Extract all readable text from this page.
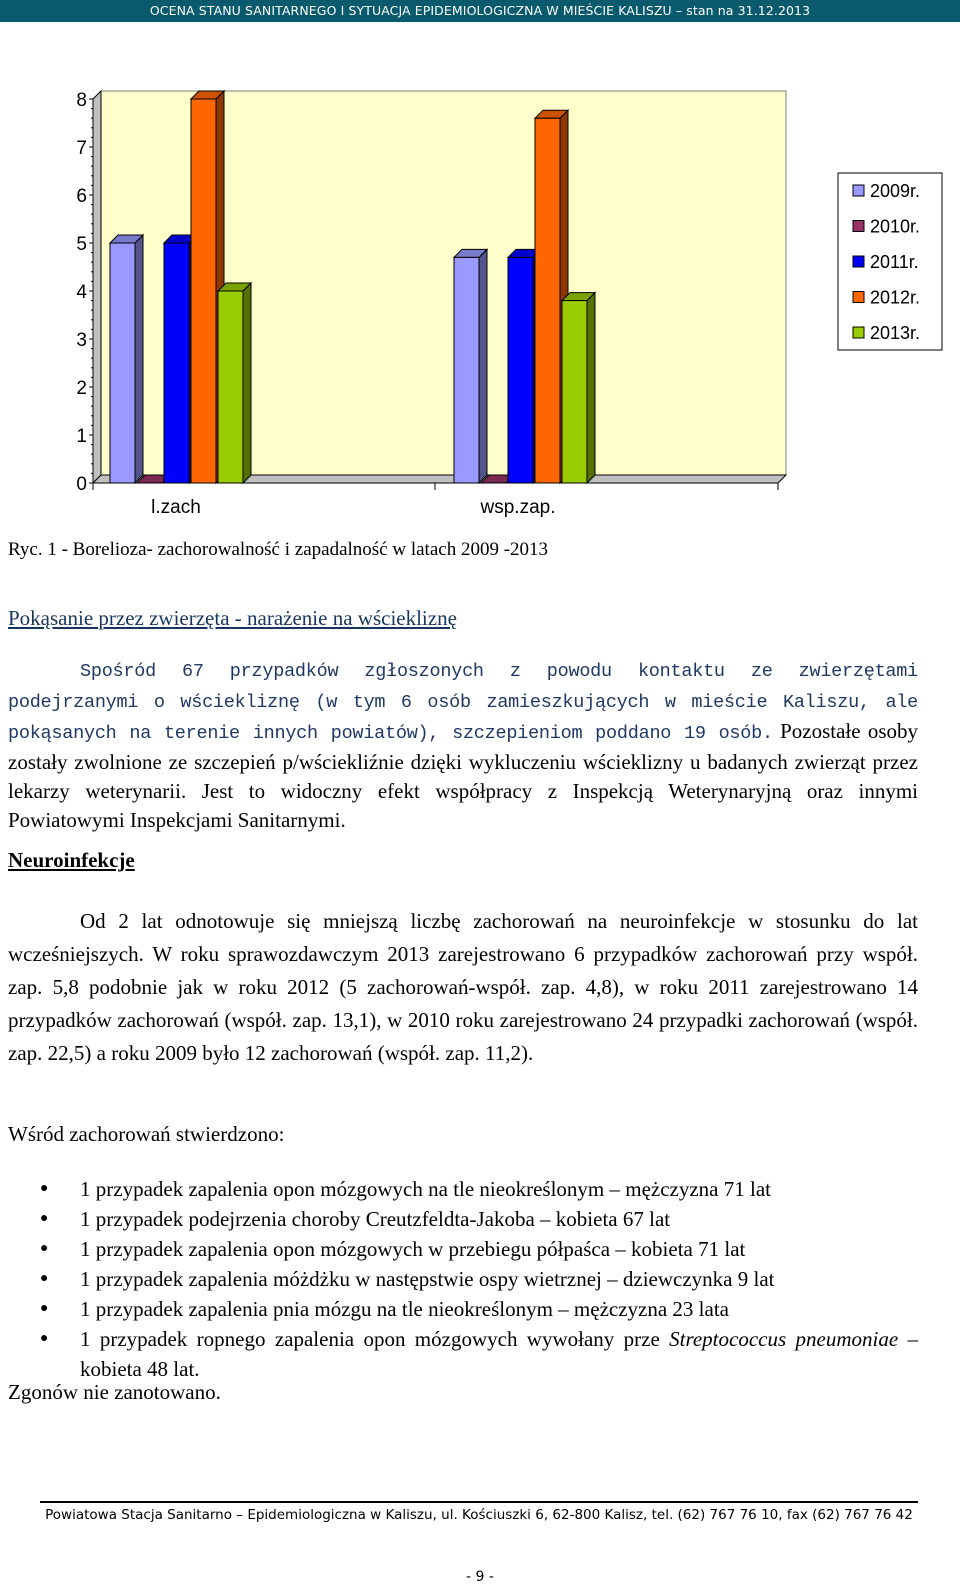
OCENA STANU SANITARNEGO I SYTUACJA EPIDEMIOLOGICZNA W MIEŚCIE KALISZU – stan na 31.12.2013
0
1
2
3
4
5
6
7
8
l.zach	wsp.zap.
2009r.
2010r.
2011r.
2012r.
2013r.
Ryc. 1 - Borelioza- zachorowalność i zapadalność w latach 2009 -2013
Pokąsanie przez zwierzęta - narażenie na wściekliznę

Spośród 67 przypadków zgłoszonych z powodu kontaktu ze zwierzętami podejrzanymi o wściekliznę (w tym 6 osób zamieszkujących w mieście Kaliszu, ale pokąsanych na terenie innych powiatów), szczepieniom poddano 19 osób. Pozostałe osoby zostały zwolnione ze szczepień p/wściekliźnie dzięki wykluczeniu wścieklizny u badanych zwierząt przez lekarzy weterynarii. Jest to widoczny efekt współpracy z Inspekcją Weterynaryjną oraz innymi Powiatowymi Inspekcjami Sanitarnymi.

Neuroinfekcje

Od 2 lat odnotowuje się mniejszą liczbę zachorowań na neuroinfekcje w stosunku do lat wcześniejszych. W roku sprawozdawczym 2013 zarejestrowano 6 przypadków zachorowań przy współ. zap. 5,8 podobnie jak w roku 2012 (5 zachorowań-współ. zap. 4,8), w roku 2011 zarejestrowano 14 przypadków zachorowań (współ. zap. 13,1), w 2010 roku zarejestrowano 24 przypadki zachorowań (współ. zap. 22,5) a roku 2009 było 12 zachorowań (współ. zap. 11,2).

Wśród zachorowań stwierdzono:
● 1 przypadek zapalenia opon mózgowych na tle nieokreślonym – mężczyzna 71 lat
● 1 przypadek podejrzenia choroby Creutzfeldta-Jakoba – kobieta 67 lat
● 1 przypadek zapalenia opon mózgowych w przebiegu półpaśca – kobieta 71 lat
● 1 przypadek zapalenia móżdżku w następstwie ospy wietrznej – dziewczynka 9 lat
● 1 przypadek zapalenia pnia mózgu na tle nieokreślonym – mężczyzna 23 lata
● 1 przypadek ropnego zapalenia opon mózgowych wywołany prze Streptococcus pneumoniae – kobieta 48 lat.
Zgonów nie zanotowano.
Powiatowa Stacja Sanitarno – Epidemiologiczna w Kaliszu, ul. Kościuszki 6, 62-800 Kalisz, tel. (62) 767 76 10, fax (62) 767 76 42
- 9 -
